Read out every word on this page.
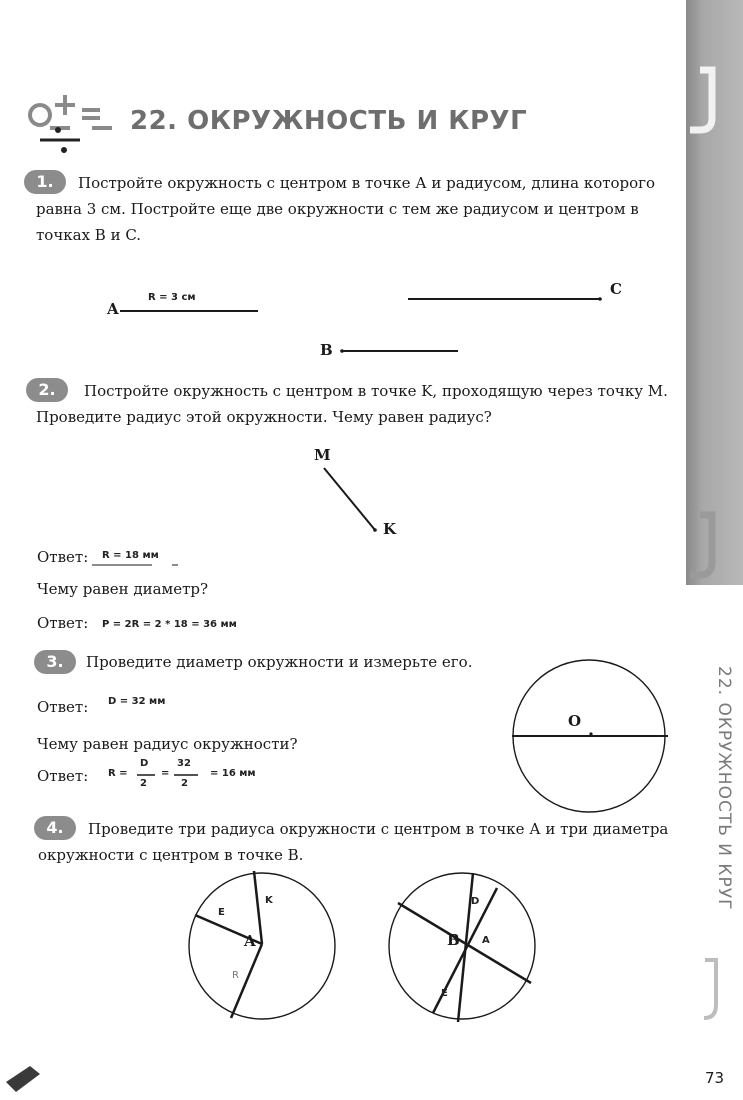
22. ОКРУЖНОСТЬ И КРУГ
22. ОКРУЖНОСТЬ И КРУГ
1.	Постройте окружность с центром в точке А и радиусом, длина которого равна 3 см. Постройте еще две окружности с тем же радиусом и центром в точках B и C.
A
R = 3 см	C
B
2.	Постройте окружность с центром в точке K, проходящую через точку M. Проведите радиус этой окружности. Чему равен радиус?
M
K
Ответ: R = 18 мм
Чему равен диаметр?
Ответ: Р = 2R = 2 * 18 = 36 мм
3.	Проведите диаметр окружности и измерьте его.
Ответ: D = 32 мм
Чему равен радиус окружности?
Ответ: R =
D
2
=
32
2
= 16 мм
O
4.	Проведите три радиуса окружности с центром в точке А и три диаметра окружности с центром в точке B.
A
E
K
R
B
D
A
E
73
